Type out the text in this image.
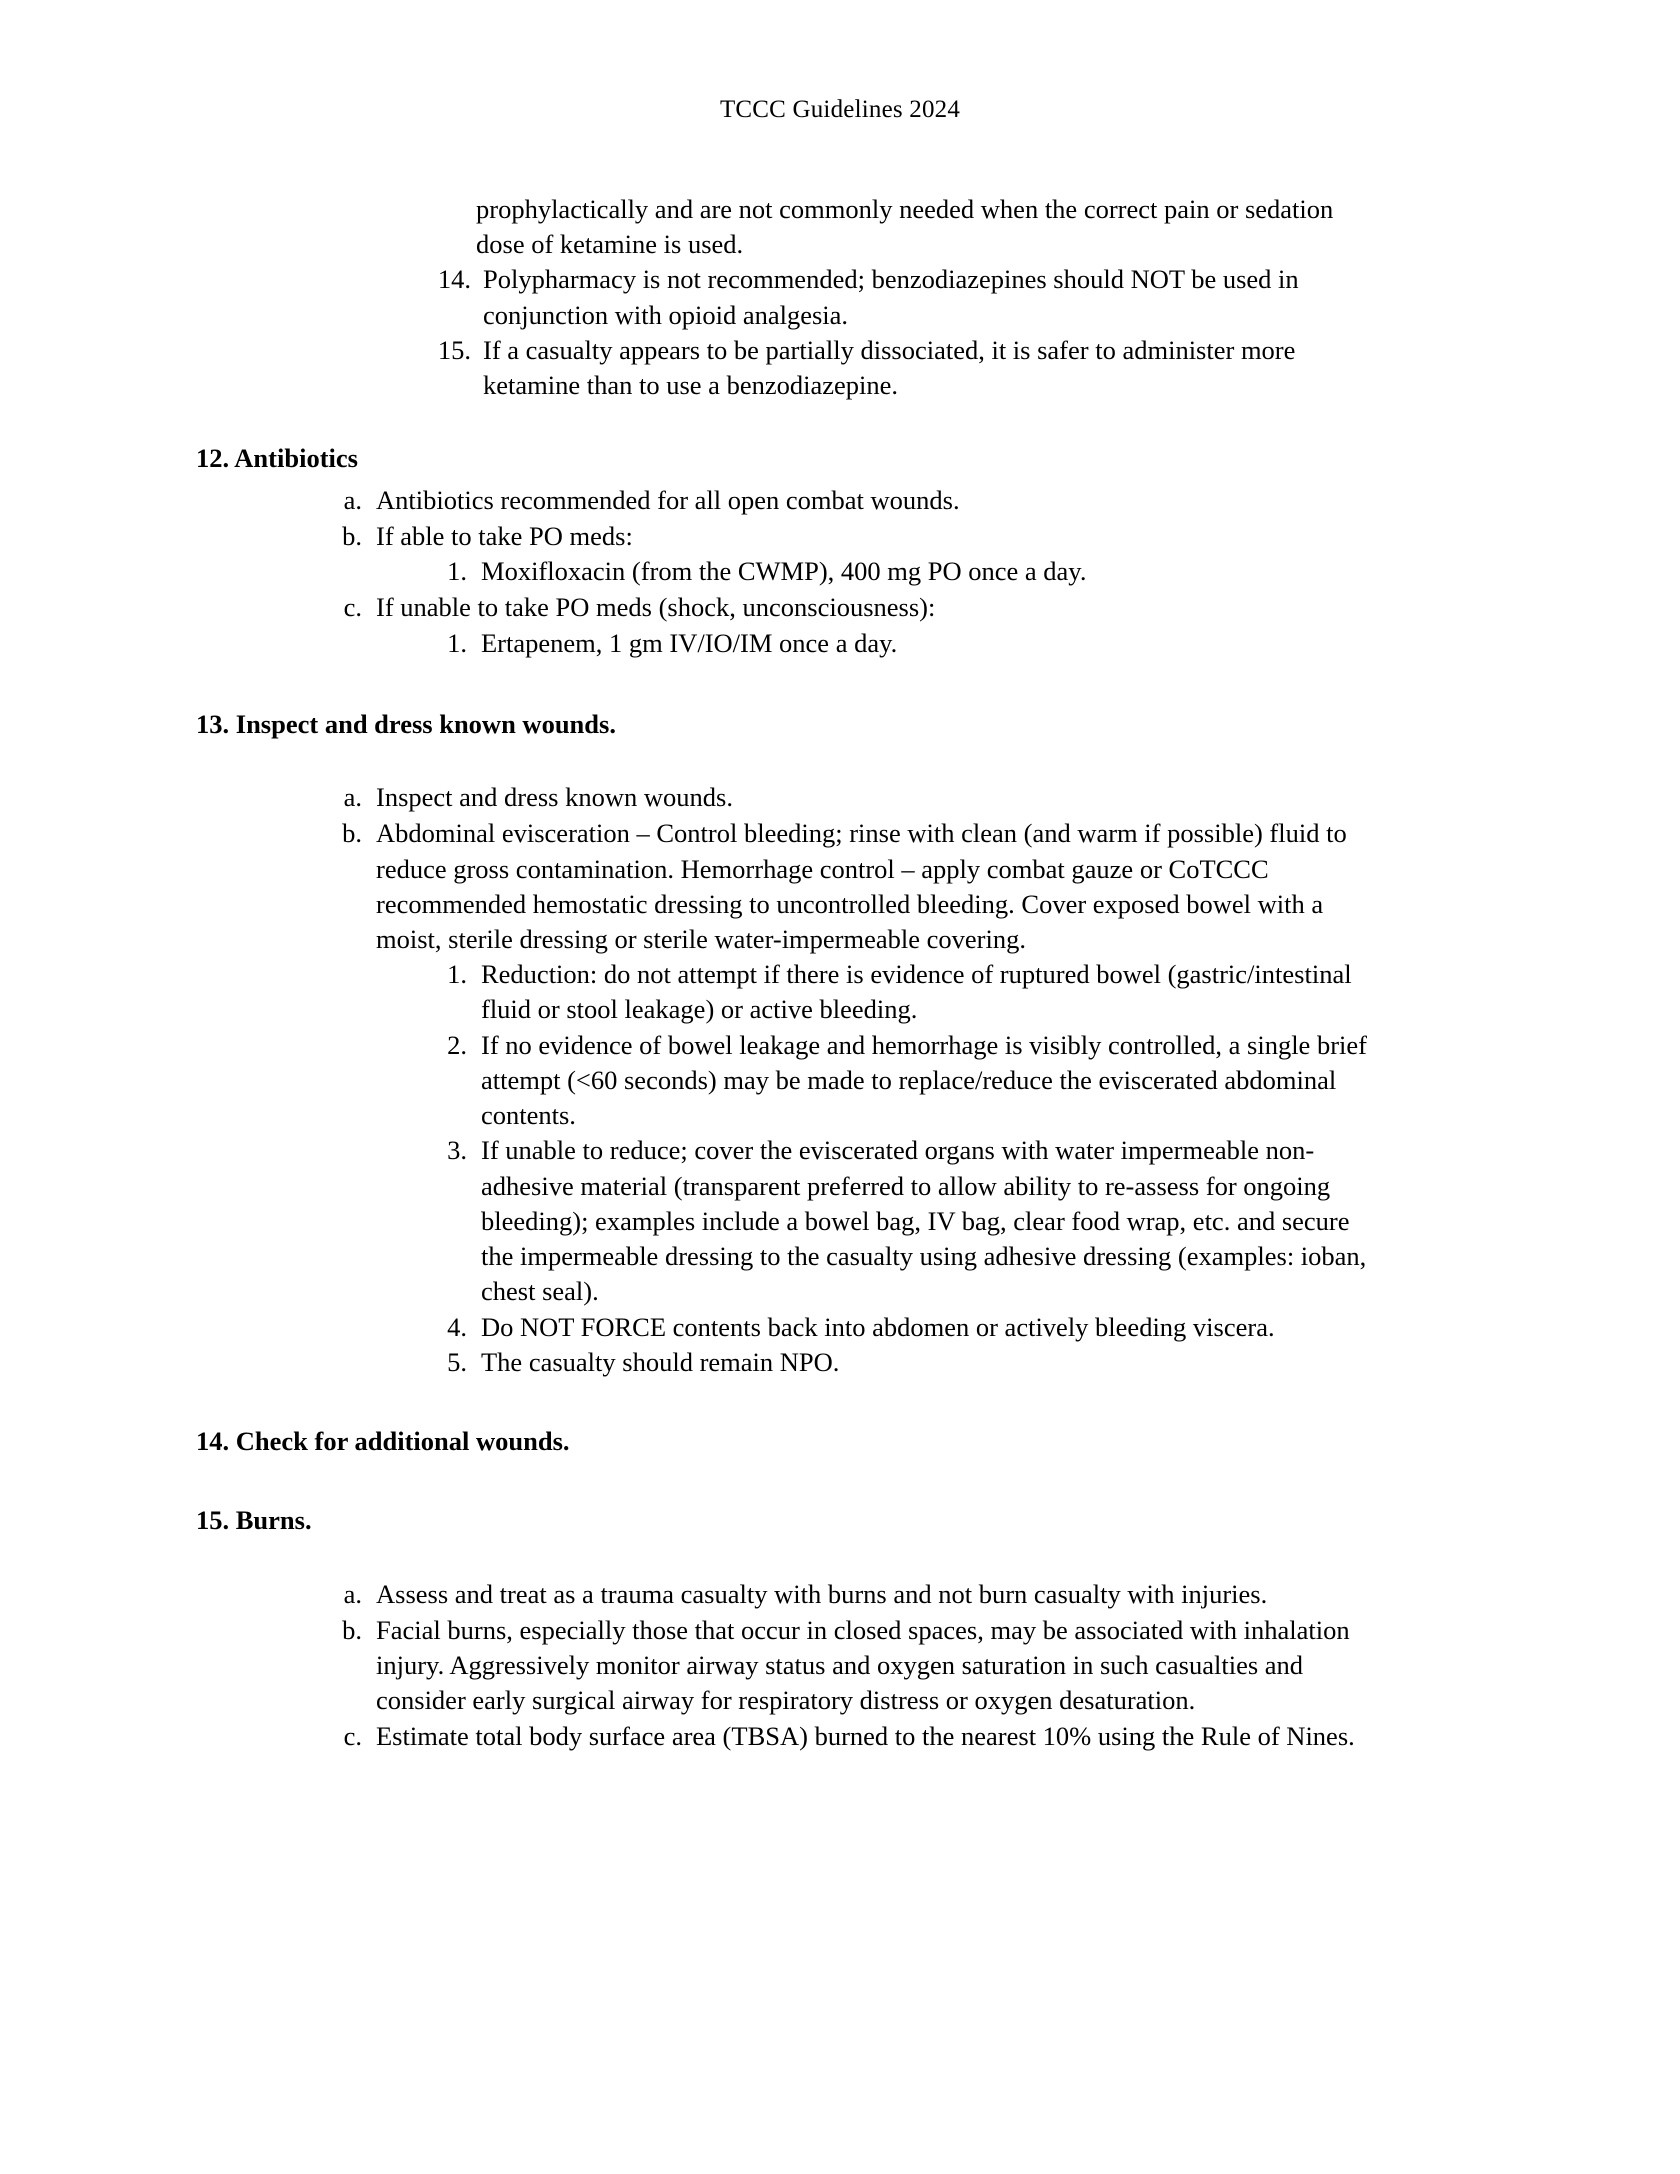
TCCC Guidelines 2024
prophylactically and are not commonly needed when the correct pain or sedation dose of ketamine is used.
14. Polypharmacy is not recommended; benzodiazepines should NOT be used in conjunction with opioid analgesia.
15. If a casualty appears to be partially dissociated, it is safer to administer more ketamine than to use a benzodiazepine.
12. Antibiotics
a. Antibiotics recommended for all open combat wounds.
b. If able to take PO meds:
1. Moxifloxacin (from the CWMP), 400 mg PO once a day.
c. If unable to take PO meds (shock, unconsciousness):
1. Ertapenem, 1 gm IV/IO/IM once a day.
13. Inspect and dress known wounds.
a. Inspect and dress known wounds.
b. Abdominal evisceration – Control bleeding; rinse with clean (and warm if possible) fluid to reduce gross contamination. Hemorrhage control – apply combat gauze or CoTCCC recommended hemostatic dressing to uncontrolled bleeding. Cover exposed bowel with a moist, sterile dressing or sterile water-impermeable covering.
1. Reduction: do not attempt if there is evidence of ruptured bowel (gastric/intestinal fluid or stool leakage) or active bleeding.
2. If no evidence of bowel leakage and hemorrhage is visibly controlled, a single brief attempt (<60 seconds) may be made to replace/reduce the eviscerated abdominal contents.
3. If unable to reduce; cover the eviscerated organs with water impermeable non-adhesive material (transparent preferred to allow ability to re-assess for ongoing bleeding); examples include a bowel bag, IV bag, clear food wrap, etc. and secure the impermeable dressing to the casualty using adhesive dressing (examples: ioban, chest seal).
4. Do NOT FORCE contents back into abdomen or actively bleeding viscera.
5. The casualty should remain NPO.
14. Check for additional wounds.
15. Burns.
a. Assess and treat as a trauma casualty with burns and not burn casualty with injuries.
b. Facial burns, especially those that occur in closed spaces, may be associated with inhalation injury. Aggressively monitor airway status and oxygen saturation in such casualties and consider early surgical airway for respiratory distress or oxygen desaturation.
c. Estimate total body surface area (TBSA) burned to the nearest 10% using the Rule of Nines.
